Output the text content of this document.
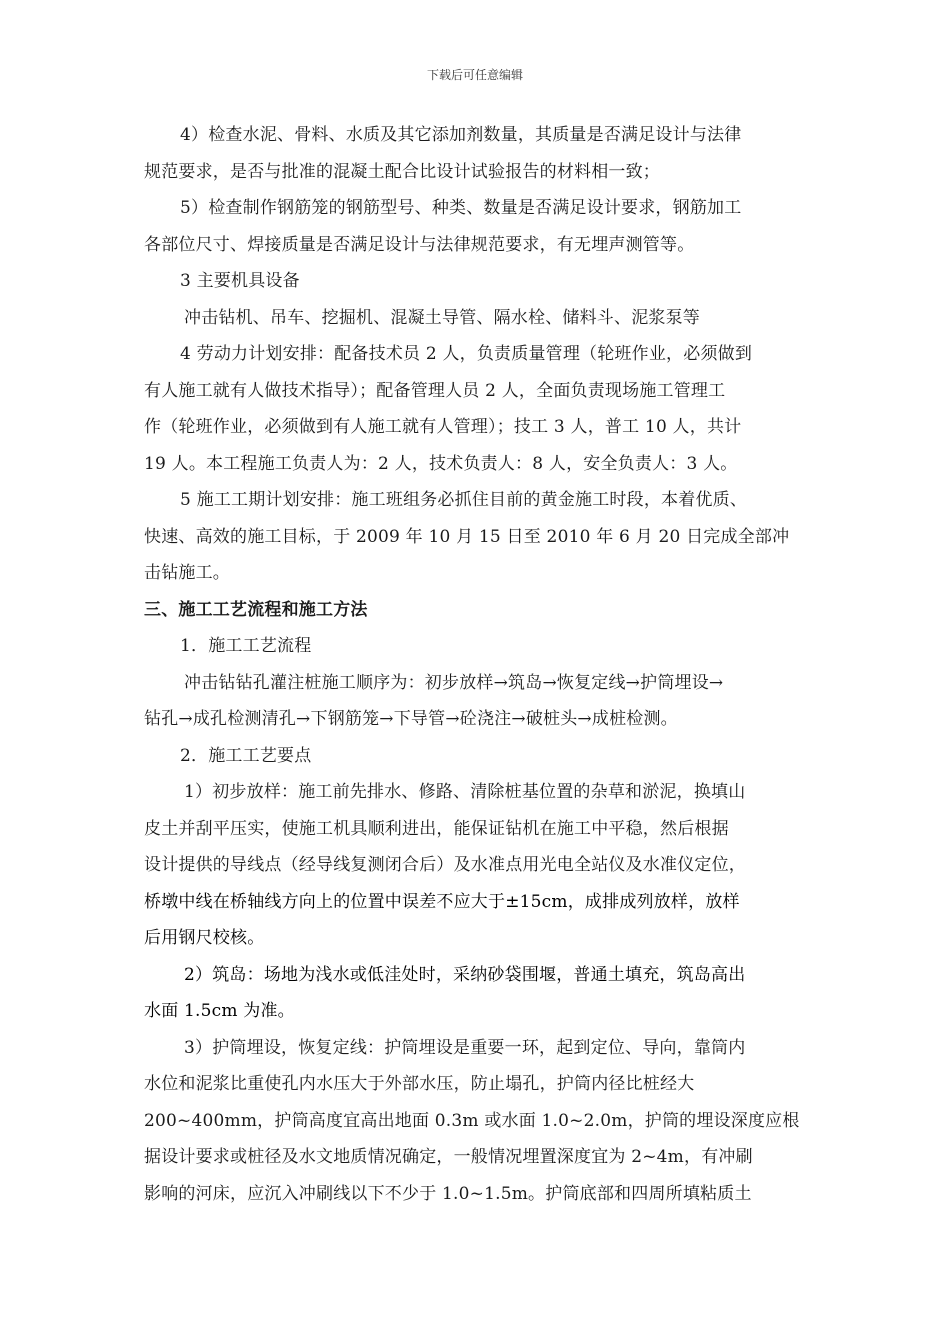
下载后可任意编辑
4）检查水泥、骨料、水质及其它添加剂数量，其质量是否满足设计与法律
规范要求，是否与批准的混凝土配合比设计试验报告的材料相一致；
5）检查制作钢筋笼的钢筋型号、种类、数量是否满足设计要求，钢筋加工
各部位尺寸、焊接质量是否满足设计与法律规范要求，有无埋声测管等。
3 主要机具设备
冲击钻机、吊车、挖掘机、混凝土导管、隔水栓、储料斗、泥浆泵等
4 劳动力计划安排：配备技术员 2 人，负责质量管理（轮班作业，必须做到
有人施工就有人做技术指导）；配备管理人员 2 人，全面负责现场施工管理工
作（轮班作业，必须做到有人施工就有人管理）；技工 3 人，普工 10 人，共计
19 人。本工程施工负责人为：2 人，技术负责人：8 人，安全负责人：3 人。
5 施工工期计划安排：施工班组务必抓住目前的黄金施工时段，本着优质、
快速、高效的施工目标，于 2009 年 10 月 15 日至 2010 年 6 月 20 日完成全部冲
击钻施工。
三、施工工艺流程和施工方法
1．施工工艺流程
冲击钻钻孔灌注桩施工顺序为：初步放样→筑岛→恢复定线→护筒埋设→
钻孔→成孔检测清孔→下钢筋笼→下导管→砼浇注→破桩头→成桩检测。
2．施工工艺要点
1）初步放样：施工前先排水、修路、清除桩基位置的杂草和淤泥，换填山
皮土并刮平压实，使施工机具顺利进出，能保证钻机在施工中平稳，然后根据
设计提供的导线点（经导线复测闭合后）及水准点用光电全站仪及水准仪定位，
桥墩中线在桥轴线方向上的位置中误差不应大于±15cm，成排成列放样，放样
后用钢尺校核。
2）筑岛：场地为浅水或低洼处时，采纳砂袋围堰，普通土填充，筑岛高出
水面 1.5cm 为准。
3）护筒埋设，恢复定线：护筒埋设是重要一环，起到定位、导向，靠筒内
水位和泥浆比重使孔内水压大于外部水压，防止塌孔，护筒内径比桩经大
200~400mm，护筒高度宜高出地面 0.3m 或水面 1.0~2.0m，护筒的埋设深度应根
据设计要求或桩径及水文地质情况确定，一般情况埋置深度宜为 2~4m，有冲刷
影响的河床，应沉入冲刷线以下不少于 1.0~1.5m。护筒底部和四周所填粘质土
